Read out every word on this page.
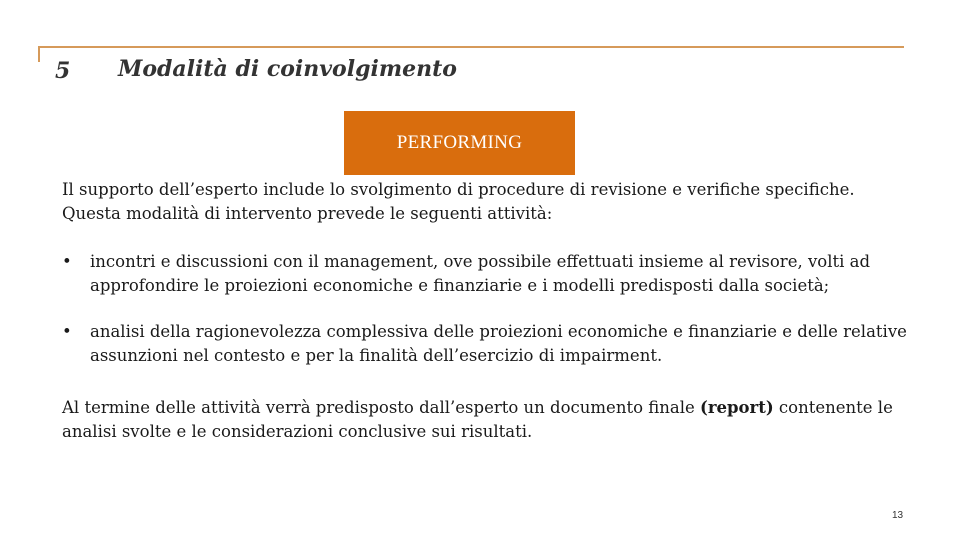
5 Modalità di coinvolgimento
PERFORMING
Il supporto dell’esperto include lo svolgimento di procedure di revisione e verifiche specifiche.
Questa modalità di intervento prevede le seguenti attività:
• incontri e discussioni con il management, ove possibile effettuati insieme al revisore, volti ad approfondire le proiezioni economiche e finanziarie e i modelli predisposti dalla società;
• analisi della ragionevolezza complessiva delle proiezioni economiche e finanziarie e delle relative assunzioni nel contesto e per la finalità dell’esercizio di impairment.
Al termine delle attività verrà predisposto dall’esperto un documento finale (report) contenente le analisi svolte e le considerazioni conclusive sui risultati.
13
